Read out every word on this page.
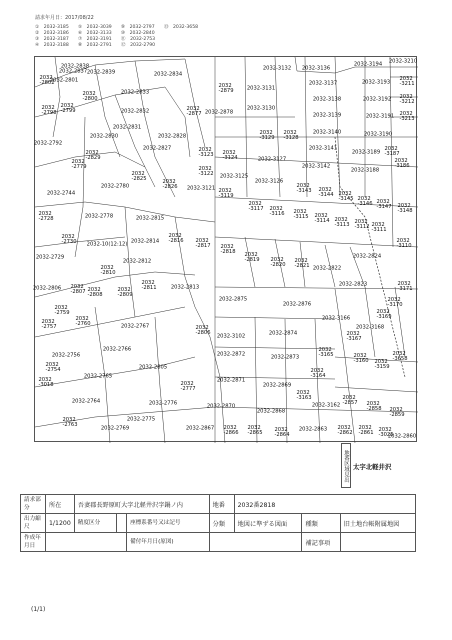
請求年月日：2017/08/22
①　2032-3185　　⑤　2032-3039　　⑨　2032-2797　　⑬　2032-3658
②　2032-3186　　⑥　2032-3133　　⑩　2032-2840
③　2032-3187　　⑦　2032-3191　　⑪　2032-2753
④　2032-3188　　⑧　2032-2791　　⑫　2032-2790
2032-2837 2032-2839
2032-2838
2032
-2802
2032-2801
2032
-2800
2032-2834
2032-2833
2032-2832
2032
-2798
2032
-2799
2032-2831
2032-2830	2032-2828
2032-2827
2032-2792
2032
-2829
2032
-2779
2032
-2826
2032
-2825
2032-2780
2032-2744
2032
-2728	2032-2778	2032-2815
2032
-2730 2032-10(12:12) 2032-2814
2032
-2816 2032
-2817 2032
-2818
2032-2729
2032-2812
2032
-2810
2032
-2809
2032
-2811	2032-2813
2032
-2808
2032-2806 2032
-2807
2032-2875
2032
-2759
2032
-2757
2032
-2760	2032-2767	2032
-2806
2032-3102	2032-2874
2032-2876
2032-2766
2032-2756
2032
-2754	2032-2805
2032-2872	2032-2873
2032
-3165
2032-2765
2032
-3018	2032
-2777
2032-2871
2032-2869
2032
-3164
2032
-3160 2032
-3159
2032-2764	2032-2776	2032-2870
2032
-3163	2032
-2857 2032
-2858
2032-2868	2032
-2859
2032
-2763
2032-2775
2032-2769	2032-2867 2032
-2866
2032
-2865
2032
-2864
2032-2863 2032
-2862
2032
-2861
2032
-3025
2032-2860
2032
-2879
2032
-2877 2032-2878
2032-3132
2032-3131
2032-3130
2032
-3129
2032
-3128
2032
-3124
2032
-3123
2032-3127
2032
-3122 2032-3125
2032-3126
2032-3121 2032
-3119
2032
-3117 2032
-3116 2032
-3115 2032
-3114 2032
-3113
2032
-3112 2032
-3111
2032
-3110
2032
-3143 2032
-3144 2032
-3145 2032
-3146 2032
-3147 2032
-3148
2032-3142
2032-3188
2032
-3186
2032
-3187
2032-3141
2032-3189
2032-3140	2032-3190
2032-3139	2032-3191 2032
-3213
2032-3138	2032-3192 2032
-3212
2032-3137	2032-3193
2032
-3211
2032-3136
2032-3194 2032-3210
2032-2822
2032
-2821
2032
-2820
2032
-2819
2032-2824
2032-2823	2032
-3171
2032
-3170
2032
-3169
2032-3168
2032
-3167
2032-3166
2032
-3658
2032-3162
地番区域見出 太字北軽井沢
請求部分	所在	吾妻郡長野原町大字北軽井沢字鍋ノ内			地番	2032番2818		
出力縮尺	1/1200	精度区分		座標系番号又は記号	分類	地図に準ずる図面	種類	旧土地台帳附属地図
作成年月日				備付年月日(原図)			補記事項	
(1/1)
